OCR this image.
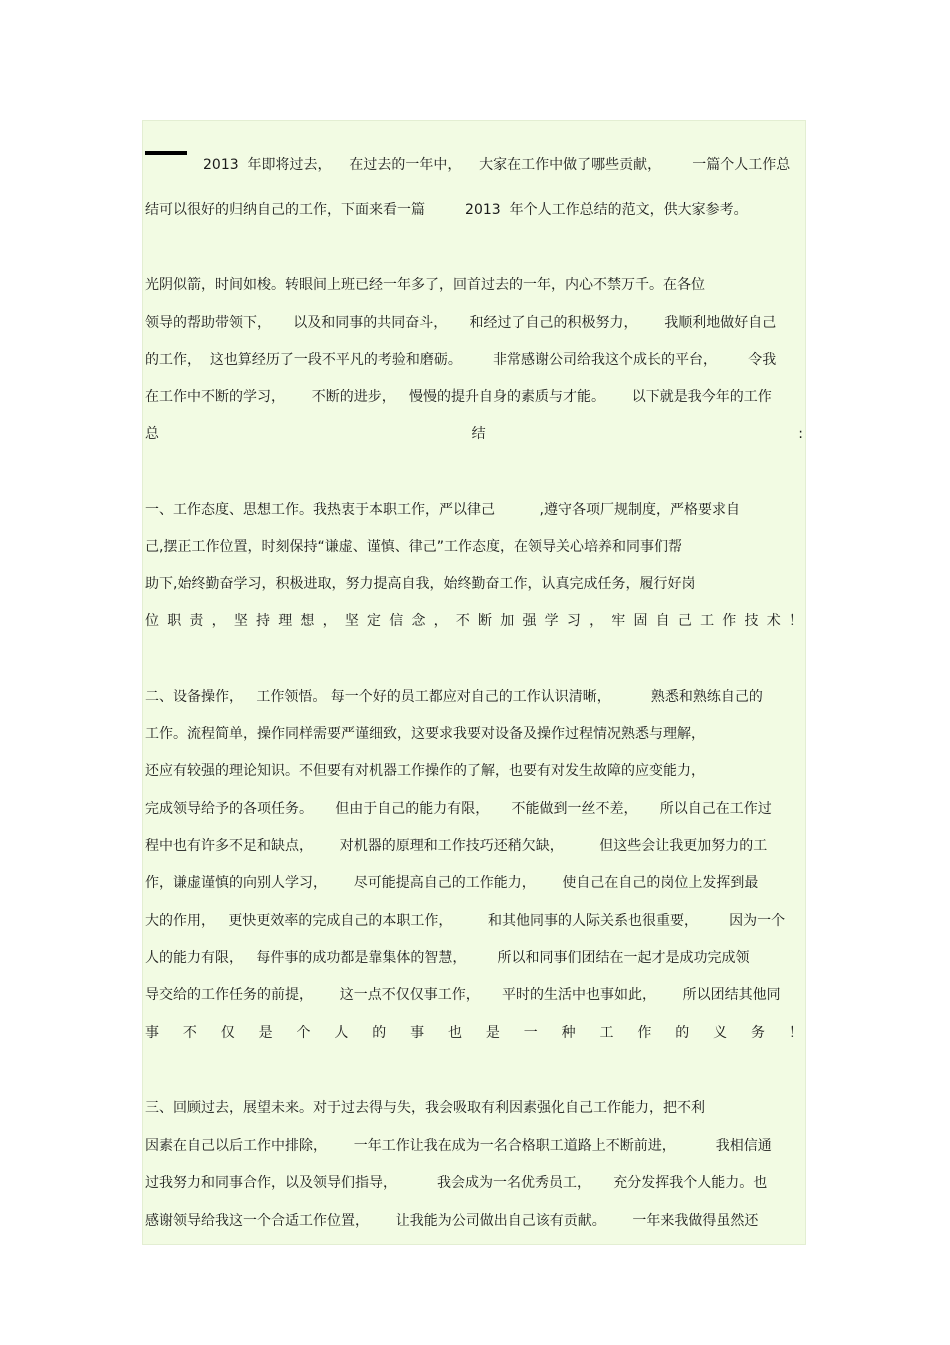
2013  年即将过去，    在过去的一年中，    大家在工作中做了哪些贡献，       一篇个人工作总
结可以很好的归纳自己的工作，下面来看一篇         2013  年个人工作总结的范文，供大家参考。
光阴似箭，时间如梭。转眼间上班已经一年多了，回首过去的一年，内心不禁万千。在各位
领导的帮助带领下，     以及和同事的共同奋斗，     和经过了自己的积极努力，      我顺利地做好自己
的工作，  这也算经历了一段不平凡的考验和磨砺。       非常感谢公司给我这个成长的平台，       令我
在工作中不断的学习，      不断的进步，   慢慢的提升自身的素质与才能。      以下就是我今年的工作
总	结	:
一、工作态度、思想工作。我热衷于本职工作，严以律己          ,遵守各项厂规制度，严格要求自
己,摆正工作位置，时刻保持“谦虚、谨慎、律己”工作态度，在领导关心培养和同事们帮
助下,始终勤奋学习，积极进取，努力提高自我，始终勤奋工作，认真完成任务，履行好岗
位 职 责 ， 坚 持 理 想 ， 坚 定 信 念 ， 不 断 加 强 学 习 ， 牢 固 自 己 工 作 技 术 ！
二、设备操作，   工作领悟。 每一个好的员工都应对自己的工作认识清晰，         熟悉和熟练自己的
工作。流程简单，操作同样需要严谨细致，这要求我要对设备及操作过程情况熟悉与理解，
还应有较强的理论知识。不但要有对机器工作操作的了解，也要有对发生故障的应变能力，
完成领导给予的各项任务。     但由于自己的能力有限，     不能做到一丝不差，     所以自己在工作过
程中也有许多不足和缺点，      对机器的原理和工作技巧还稍欠缺，        但这些会让我更加努力的工
作，谦虚谨慎的向别人学习，      尽可能提高自己的工作能力，      使自己在自己的岗位上发挥到最
大的作用，   更快更效率的完成自己的本职工作，        和其他同事的人际关系也很重要，       因为一个
人的能力有限，   每件事的成功都是靠集体的智慧，       所以和同事们团结在一起才是成功完成领
导交给的工作任务的前提，      这一点不仅仅事工作，     平时的生活中也事如此，      所以团结其他同
事 不 仅 是 个 人 的 事 也 是 一 种 工 作 的 义 务 ！
三、回顾过去，展望未来。对于过去得与失，我会吸取有利因素强化自己工作能力，把不利
因素在自己以后工作中排除，      一年工作让我在成为一名合格职工道路上不断前进，         我相信通
过我努力和同事合作，以及领导们指导，         我会成为一名优秀员工，     充分发挥我个人能力。也
感谢领导给我这一个合适工作位置，      让我能为公司做出自己该有贡献。      一年来我做得虽然还
